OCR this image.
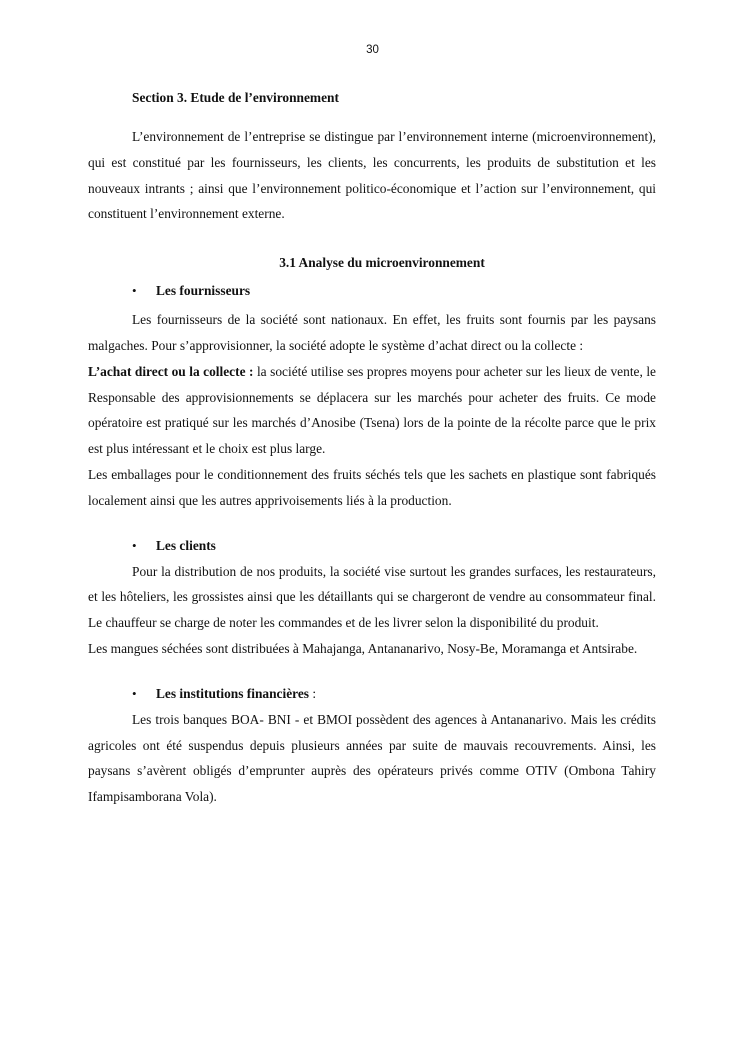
30
Section 3. Etude de l’environnement

L’environnement de l’entreprise se distingue par l’environnement interne (microenvironnement), qui est constitué par les fournisseurs, les clients, les concurrents, les produits de substitution et les nouveaux intrants ; ainsi que l’environnement politico-économique et l’action sur l’environnement, qui constituent l’environnement externe.

3.1 Analyse du microenvironnement
•	Les fournisseurs

Les fournisseurs de la société sont nationaux. En effet, les fruits sont fournis par les paysans malgaches. Pour s’approvisionner, la société adopte le système d’achat direct ou la collecte :

L’achat direct ou la collecte : la société utilise ses propres moyens pour acheter sur les lieux de vente, le Responsable des approvisionnements se déplacera sur les marchés pour acheter des fruits. Ce mode opératoire est pratiqué sur les marchés d’Anosibe (Tsena) lors de la pointe de la récolte parce que le prix est plus intéressant et le choix est plus large.

Les emballages pour le conditionnement des fruits séchés tels que les sachets en plastique sont fabriqués localement ainsi que les autres apprivoisements liés à la production.

•	Les clients

Pour la distribution de nos produits, la société vise surtout les grandes surfaces, les restaurateurs, et les hôteliers, les grossistes ainsi que les détaillants qui se chargeront de vendre au consommateur final. Le chauffeur se charge de noter les commandes et de les livrer selon la disponibilité du produit.

Les mangues séchées sont distribuées à Mahajanga, Antananarivo, Nosy-Be, Moramanga et Antsirabe.

•	Les institutions financières :

Les trois banques BOA- BNI - et BMOI possèdent des agences à Antananarivo. Mais les crédits agricoles ont été suspendus depuis plusieurs années par suite de mauvais recouvrements. Ainsi, les paysans s’avèrent obligés d’emprunter auprès des opérateurs privés comme OTIV (Ombona Tahiry Ifampisamborana Vola).
